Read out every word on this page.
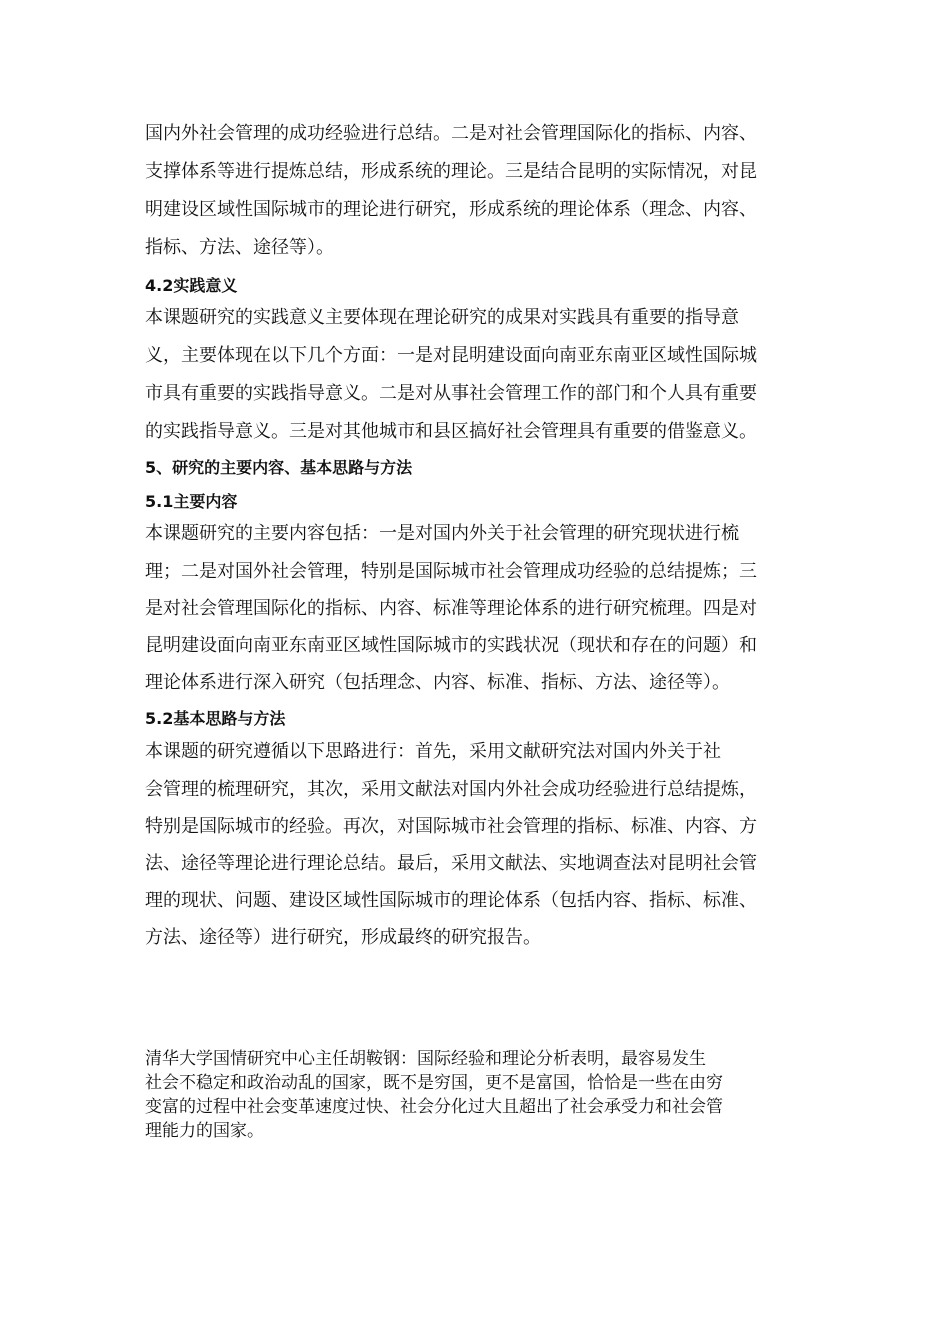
国内外社会管理的成功经验进行总结。二是对社会管理国际化的指标、内容、
支撑体系等进行提炼总结，形成系统的理论。三是结合昆明的实际情况，对昆
明建设区域性国际城市的理论进行研究，形成系统的理论体系（理念、内容、
指标、方法、途径等）。
4.2实践意义
本课题研究的实践意义主要体现在理论研究的成果对实践具有重要的指导意
义，主要体现在以下几个方面：一是对昆明建设面向南亚东南亚区域性国际城
市具有重要的实践指导意义。二是对从事社会管理工作的部门和个人具有重要
的实践指导意义。三是对其他城市和县区搞好社会管理具有重要的借鉴意义。
5、研究的主要内容、基本思路与方法
5.1主要内容
本课题研究的主要内容包括：一是对国内外关于社会管理的研究现状进行梳
理；二是对国外社会管理，特别是国际城市社会管理成功经验的总结提炼；三
是对社会管理国际化的指标、内容、标准等理论体系的进行研究梳理。四是对
昆明建设面向南亚东南亚区域性国际城市的实践状况（现状和存在的问题）和
理论体系进行深入研究（包括理念、内容、标准、指标、方法、途径等）。
5.2基本思路与方法
本课题的研究遵循以下思路进行：首先，采用文献研究法对国内外关于社
会管理的梳理研究，其次，采用文献法对国内外社会成功经验进行总结提炼，
特别是国际城市的经验。再次，对国际城市社会管理的指标、标准、内容、方
法、途径等理论进行理论总结。最后，采用文献法、实地调查法对昆明社会管
理的现状、问题、建设区域性国际城市的理论体系（包括内容、指标、标准、
方法、途径等）进行研究，形成最终的研究报告。
清华大学国情研究中心主任胡鞍钢：国际经验和理论分析表明，最容易发生
社会不稳定和政治动乱的国家，既不是穷国，更不是富国，恰恰是一些在由穷
变富的过程中社会变革速度过快、社会分化过大且超出了社会承受力和社会管
理能力的国家。
